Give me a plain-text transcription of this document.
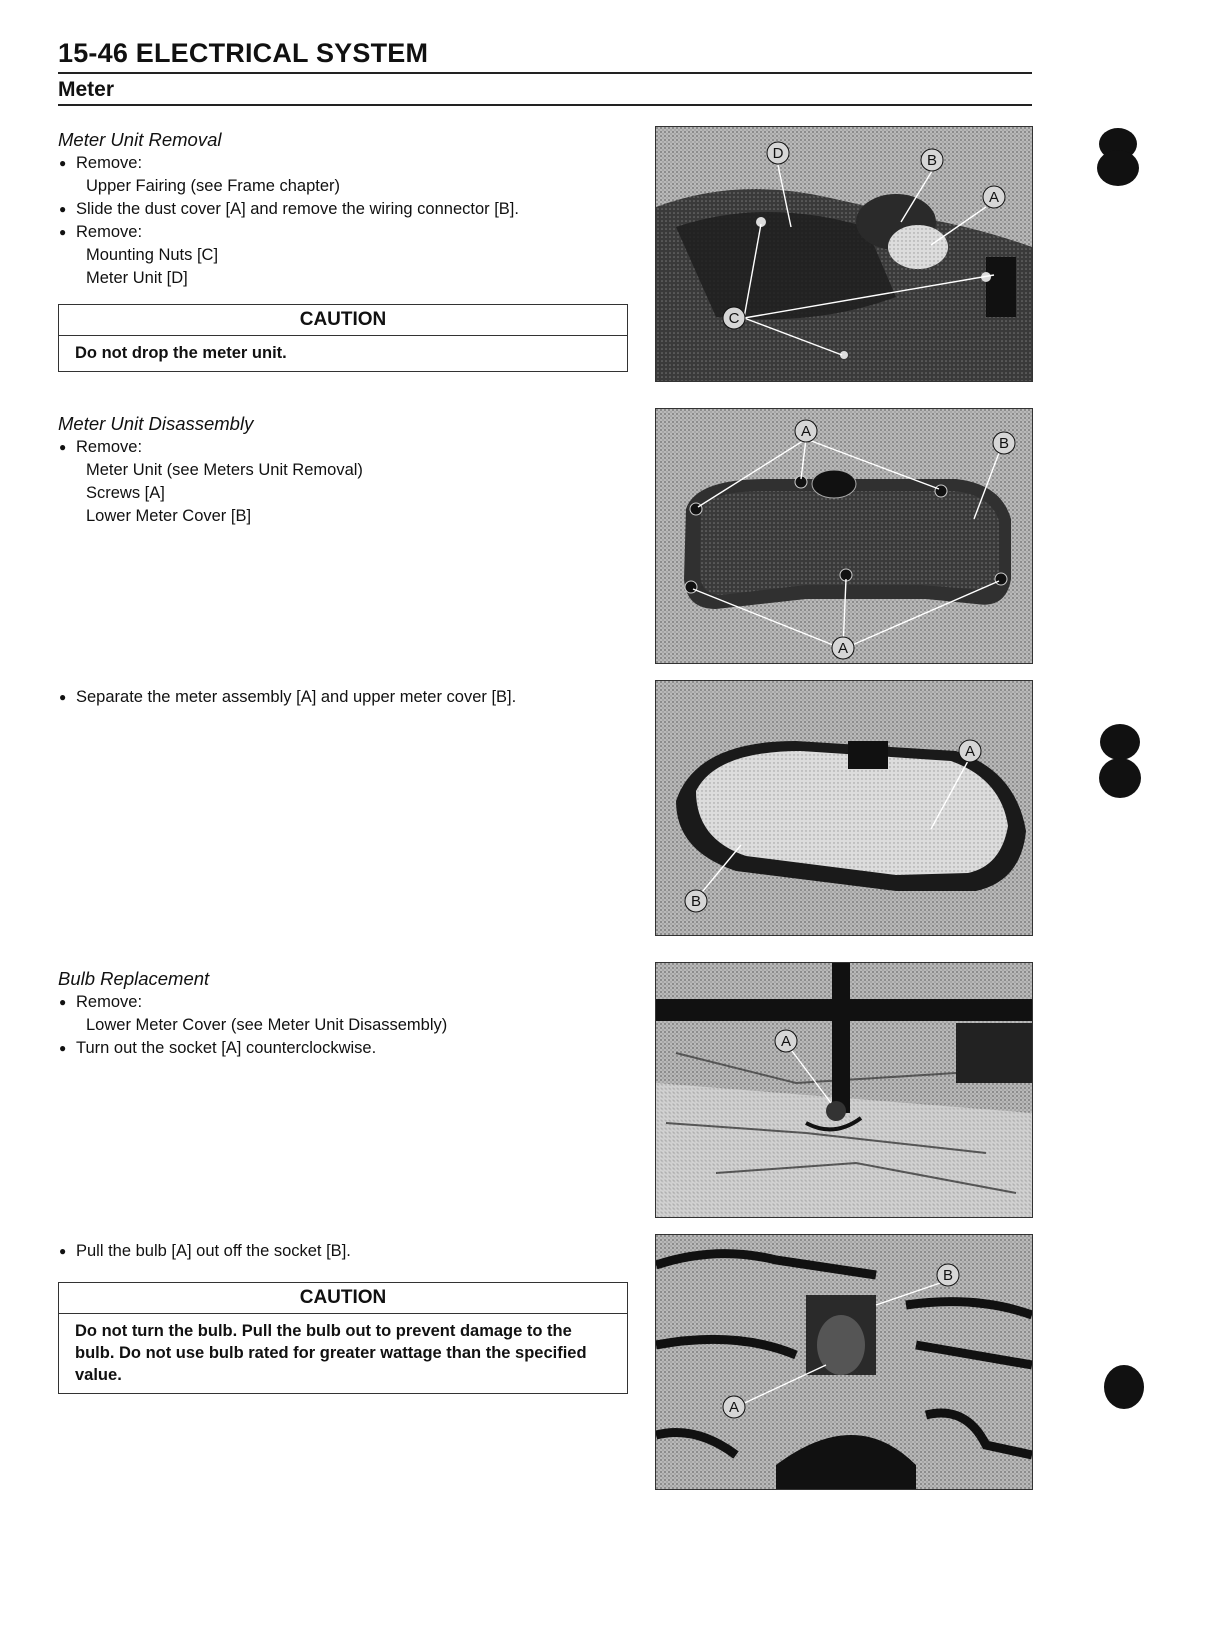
15-46 ELECTRICAL SYSTEM
Meter
Meter Unit Removal
● Remove:
Upper Fairing (see Frame chapter)
● Slide the dust cover [A] and remove the wiring connector [B].
● Remove:
Mounting Nuts [C]
Meter Unit [D]
CAUTION
Do not drop the meter unit.
Meter Unit Disassembly
● Remove:
Meter Unit (see Meters Unit Removal)
Screws [A]
Lower Meter Cover [B]
● Separate the meter assembly [A] and upper meter cover [B].
Bulb Replacement
● Remove:
Lower Meter Cover (see Meter Unit Disassembly)
● Turn out the socket [A] counterclockwise.
● Pull the bulb [A] out off the socket [B].
CAUTION
Do not turn the bulb. Pull the bulb out to prevent damage to the bulb. Do not use bulb rated for greater wattage than the specified value.
D	B
A
C
A
B
A
A
B
A
B
A
